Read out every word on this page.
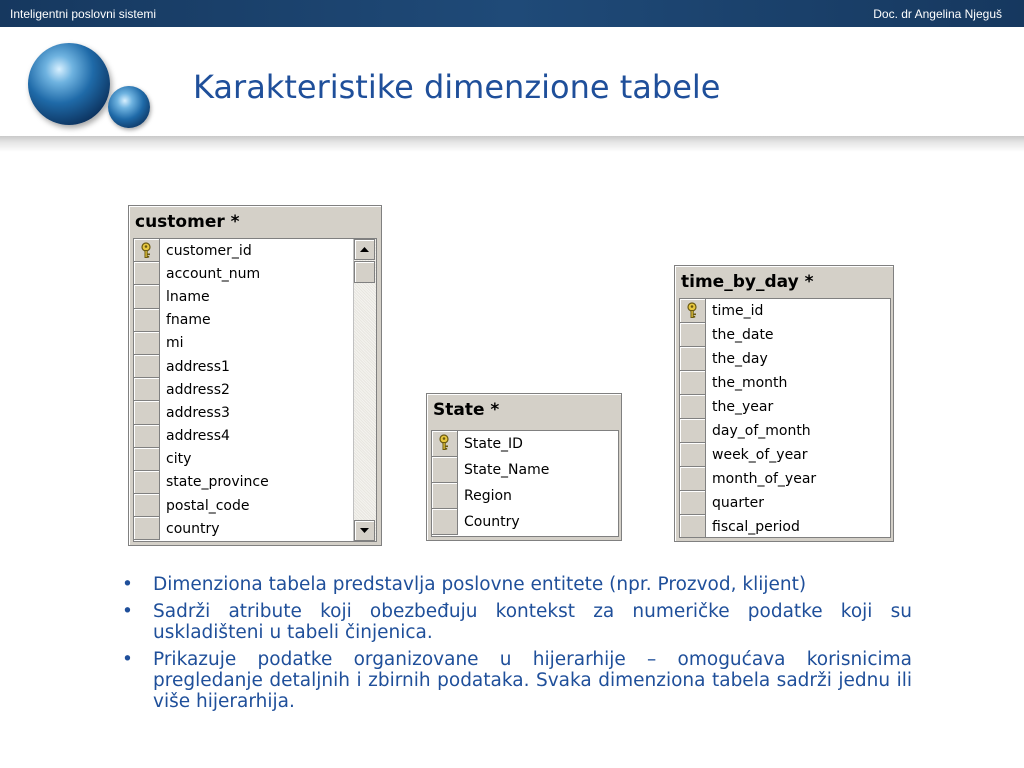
Inteligentni poslovni sistemi	Doc. dr Angelina Njeguš
Karakteristike dimenzione tabele
customer *
customer_id
account_num
lname
fname
mi
address1
address2
address3
address4
city
state_province
postal_code
country
State *
State_ID
State_Name
Region
Country
time_by_day *
time_id
the_date
the_day
the_month
the_year
day_of_month
week_of_year
month_of_year
quarter
fiscal_period
• Dimenziona tabela predstavlja poslovne entitete (npr. Prozvod, klijent)
• Sadrži atribute koji obezbeđuju kontekst za numeričke podatke koji su uskladišteni u tabeli činjenica.
• Prikazuje podatke organizovane u hijerarhije – omogućava korisnicima pregledanje detaljnih i zbirnih podataka. Svaka dimenziona tabela sadrži jednu ili više hijerarhija.
